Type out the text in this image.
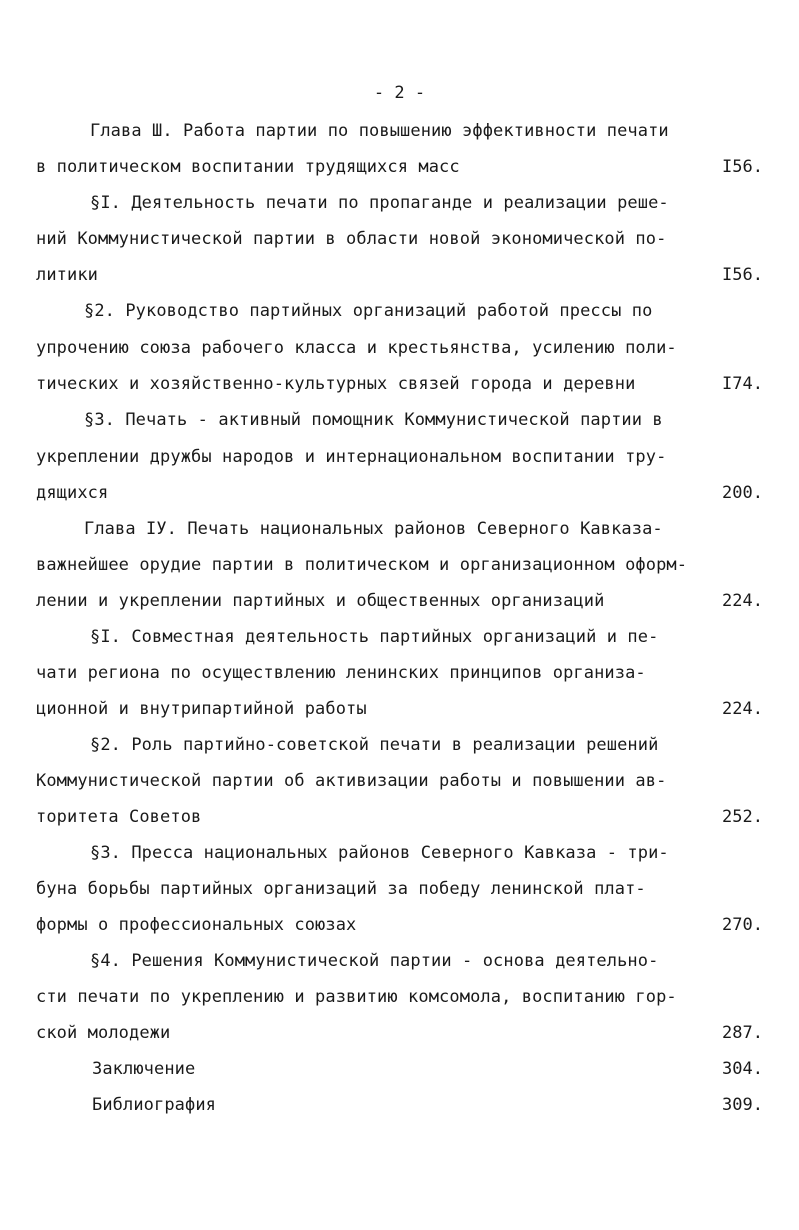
- 2 -
Глава Ш. Работа партии по повышению эффективности печати
в политическом воспитании трудящихся масс	I56.
§I. Деятельность печати по пропаганде и реализации реше-
ний Коммунистической партии в области новой экономической по-
литики	I56.
§2. Руководство партийных организаций работой прессы по
упрочению союза рабочего класса и крестьянства, усилению поли-
тических и хозяйственно-культурных связей города и деревни	I74.
§3. Печать - активный помощник Коммунистической партии в
укреплении дружбы народов и интернациональном воспитании тру-
дящихся	200.
Глава IУ. Печать национальных районов Северного Кавказа-
важнейшее орудие партии в политическом и организационном оформ-
лении и укреплении партийных и общественных организаций	224.
§I. Совместная деятельность партийных организаций и пе-
чати региона по осуществлению ленинских принципов организа-
ционной и внутрипартийной работы	224.
§2. Роль партийно-советской печати в реализации решений
Коммунистической партии об активизации работы и повышении ав-
торитета Советов	252.
§3. Пресса национальных районов Северного Кавказа - три-
буна борьбы партийных организаций за победу ленинской плат-
формы о профессиональных союзах	270.
§4. Решения Коммунистической партии - основа деятельно-
сти печати по укреплению и развитию комсомола, воспитанию гор-
ской молодежи	287.
Заключение	304.
Библиография	309.
